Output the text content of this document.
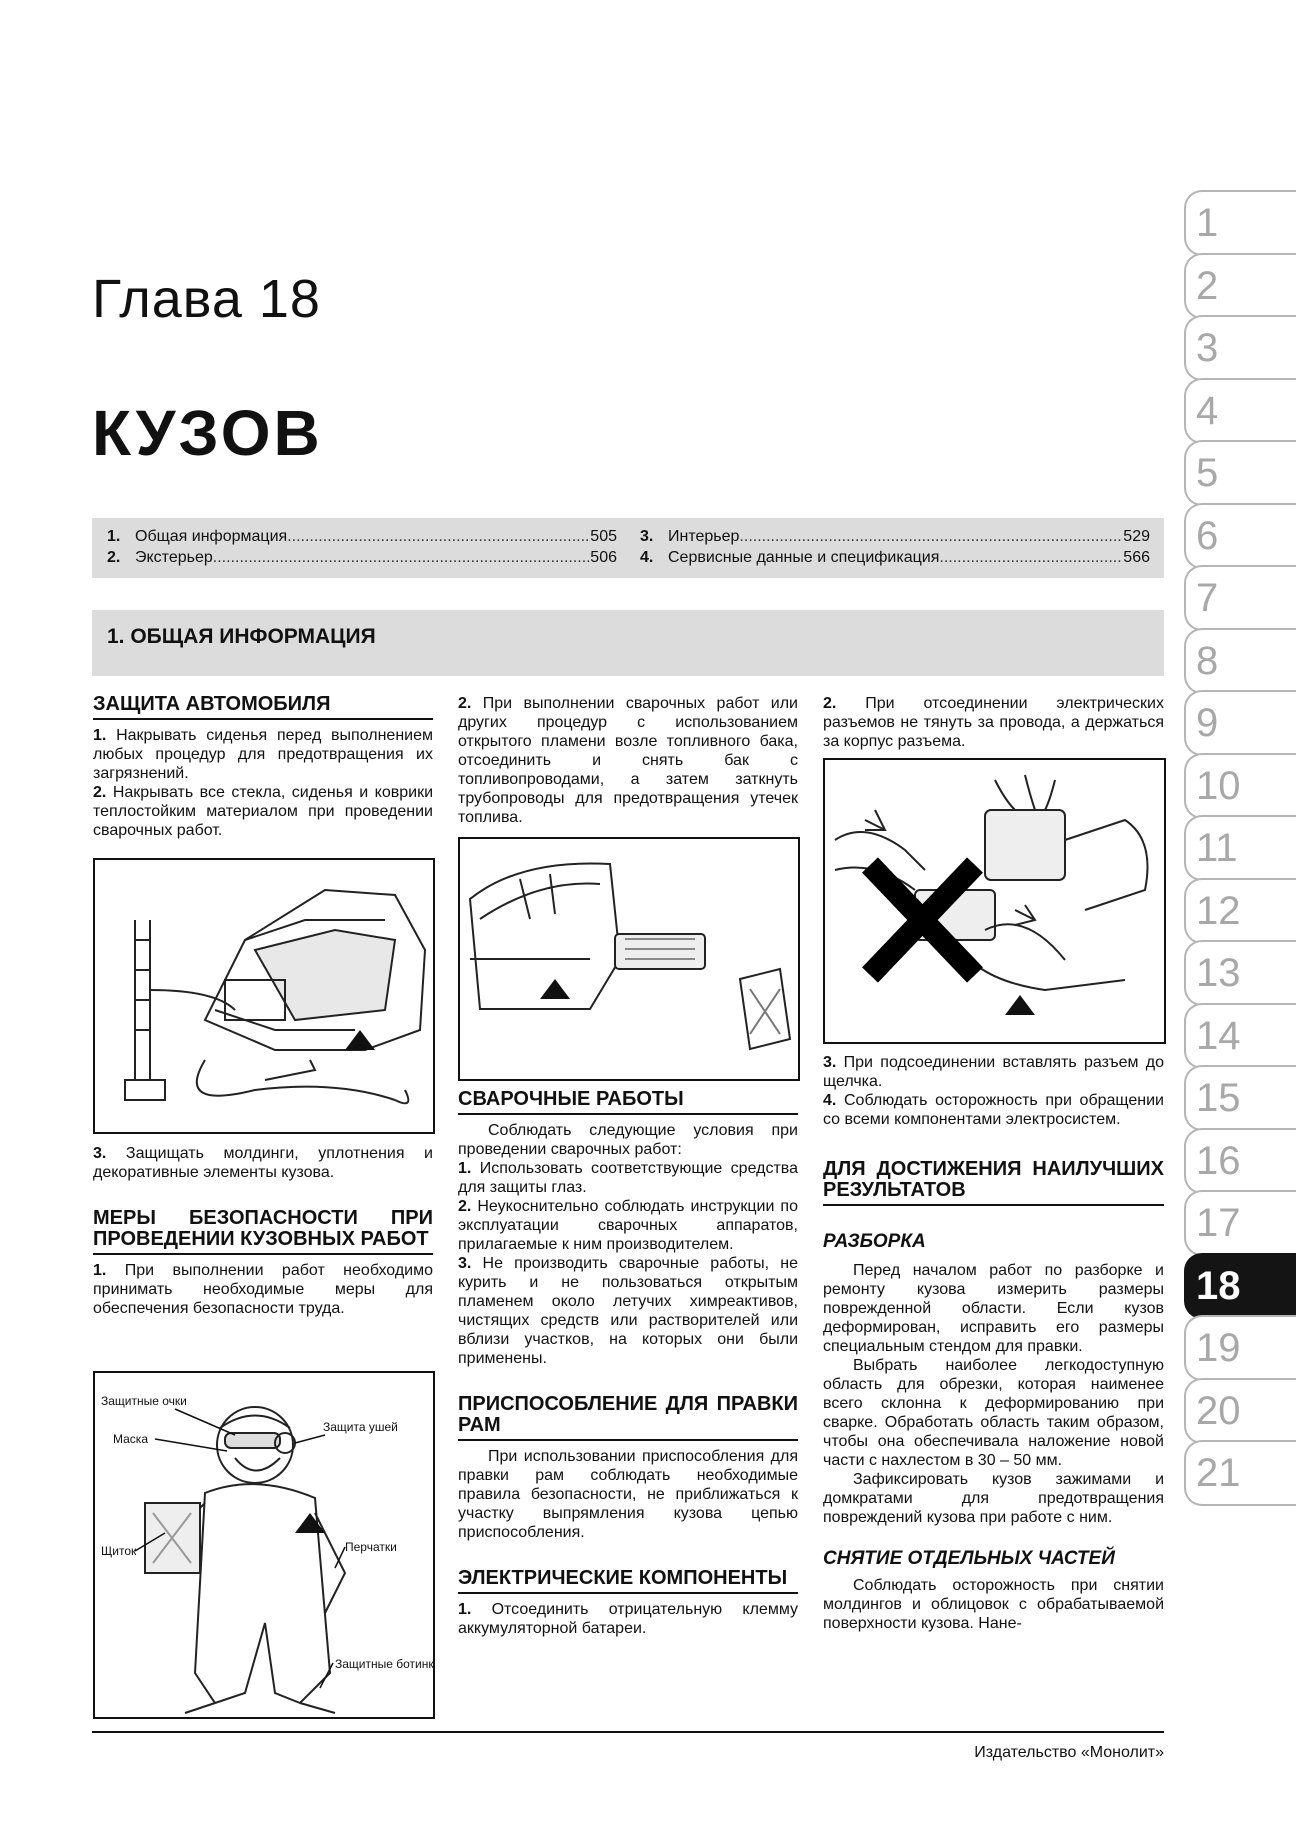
Глава 18
КУЗОВ
1. Общая информация .....	505
2. Экстерьер .....	506
3. Интерьер .....	529
4. Сервисные данные и спецификация .....	566
1. ОБЩАЯ ИНФОРМАЦИЯ
ЗАЩИТА АВТОМОБИЛЯ

1. Накрывать сиденья перед выполнением любых процедур для предотвращения их загрязнений.

2. Накрывать все стекла, сиденья и коврики теплостойким материалом при проведении сварочных работ.

3. Защищать молдинги, уплотнения и декоративные элементы кузова.

МЕРЫ БЕЗОПАСНОСТИ ПРИ ПРОВЕДЕНИИ КУЗОВНЫХ РАБОТ

1. При выполнении работ необходимо принимать необходимые меры для обеспечения безопасности труда.

Защитные очки
Маска
Защита ушей
Щиток	Перчатки
Защитные ботинки

2. При выполнении сварочных работ или других процедур с использованием открытого пламени возле топливного бака, отсоединить и снять бак с топливопроводами, а затем заткнуть трубопроводы для предотвращения утечек топлива.

СВАРОЧНЫЕ РАБОТЫ

Соблюдать следующие условия при проведении сварочных работ:

1. Использовать соответствующие средства для защиты глаз.

2. Неукоснительно соблюдать инструкции по эксплуатации сварочных аппаратов, прилагаемые к ним производителем.

3. Не производить сварочные работы, не курить и не пользоваться открытым пламенем около летучих химреактивов, чистящих средств или растворителей или вблизи участков, на которых они были применены.

ПРИСПОСОБЛЕНИЕ ДЛЯ ПРАВКИ РАМ

При использовании приспособления для правки рам соблюдать необходимые правила безопасности, не приближаться к участку выпрямления кузова цепью приспособления.

ЭЛЕКТРИЧЕСКИЕ КОМПОНЕНТЫ

1. Отсоединить отрицательную клемму аккумуляторной батареи.

2. При отсоединении электрических разъемов не тянуть за провода, а держаться за корпус разъема.

3. При подсоединении вставлять разъем до щелчка.

4. Соблюдать осторожность при обращении со всеми компонентами электросистем.

ДЛЯ ДОСТИЖЕНИЯ НАИЛУЧШИХ РЕЗУЛЬТАТОВ
РАЗБОРКА

Перед началом работ по разборке и ремонту кузова измерить размеры поврежденной области. Если кузов деформирован, исправить его размеры специальным стендом для правки.

Выбрать наиболее легкодоступную область для обрезки, которая наименее всего склонна к деформированию при сварке. Обработать область таким образом, чтобы она обеспечивала наложение новой части с нахлестом в 30 – 50 мм.

Зафиксировать кузов зажимами и домкратами для предотвращения повреждений кузова при работе с ним.

СНЯТИЕ ОТДЕЛЬНЫХ ЧАСТЕЙ

Соблюдать осторожность при снятии молдингов и облицовок с обрабатываемой поверхности кузова. Нане-

1
2
3
4
5
6
7
8
9
10
11
12
13
14
15
16
17
18
19
20
21
Издательство «Монолит»
